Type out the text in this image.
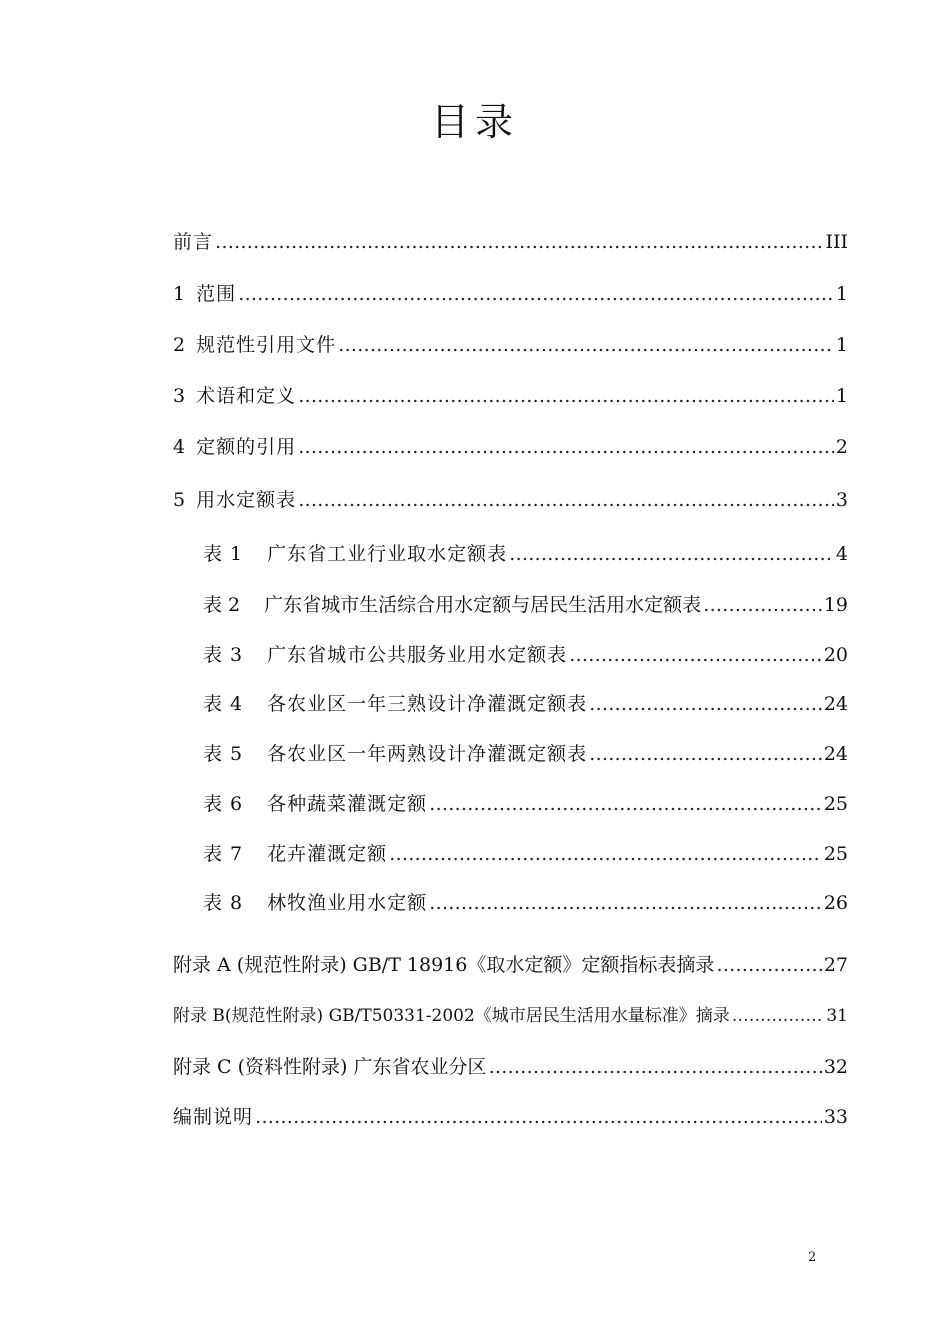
目录
前言 …………………………………………………………………………………………………………………………………………………………	III
1 范围 …………………………………………………………………………………………………………………………………………………………	1
2 规范性引用文件 …………………………………………………………………………………………………………………………………………………………	1
3 术语和定义 …………………………………………………………………………………………………………………………………………………………	1
4 定额的引用 …………………………………………………………………………………………………………………………………………………………	2
5 用水定额表 …………………………………………………………………………………………………………………………………………………………	3
表 1 广东省工业行业取水定额表 …………………………………………………………………………………………………………………………………………………………	4
表 2 广东省城市生活综合用水定额与居民生活用水定额表 …………………………………………………………………………………………………………………………………………………………	19
表 3 广东省城市公共服务业用水定额表 …………………………………………………………………………………………………………………………………………………………	20
表 4 各农业区一年三熟设计净灌溉定额表 …………………………………………………………………………………………………………………………………………………………	24
表 5 各农业区一年两熟设计净灌溉定额表 …………………………………………………………………………………………………………………………………………………………	24
表 6 各种蔬菜灌溉定额 …………………………………………………………………………………………………………………………………………………………	25
表 7 花卉灌溉定额 …………………………………………………………………………………………………………………………………………………………	25
表 8 林牧渔业用水定额 …………………………………………………………………………………………………………………………………………………………	26
附录 A (规范性附录) GB/T 18916《取水定额》定额指标表摘录 …………………………………………………………………………………………………………………………………………………………	27
附录 B(规范性附录) GB/T50331-2002《城市居民生活用水量标准》摘录 …………………………………………………………………………………………………………………………………………………………	31
附录 C (资料性附录) 广东省农业分区 …………………………………………………………………………………………………………………………………………………………	32
编制说明 …………………………………………………………………………………………………………………………………………………………	33
2
